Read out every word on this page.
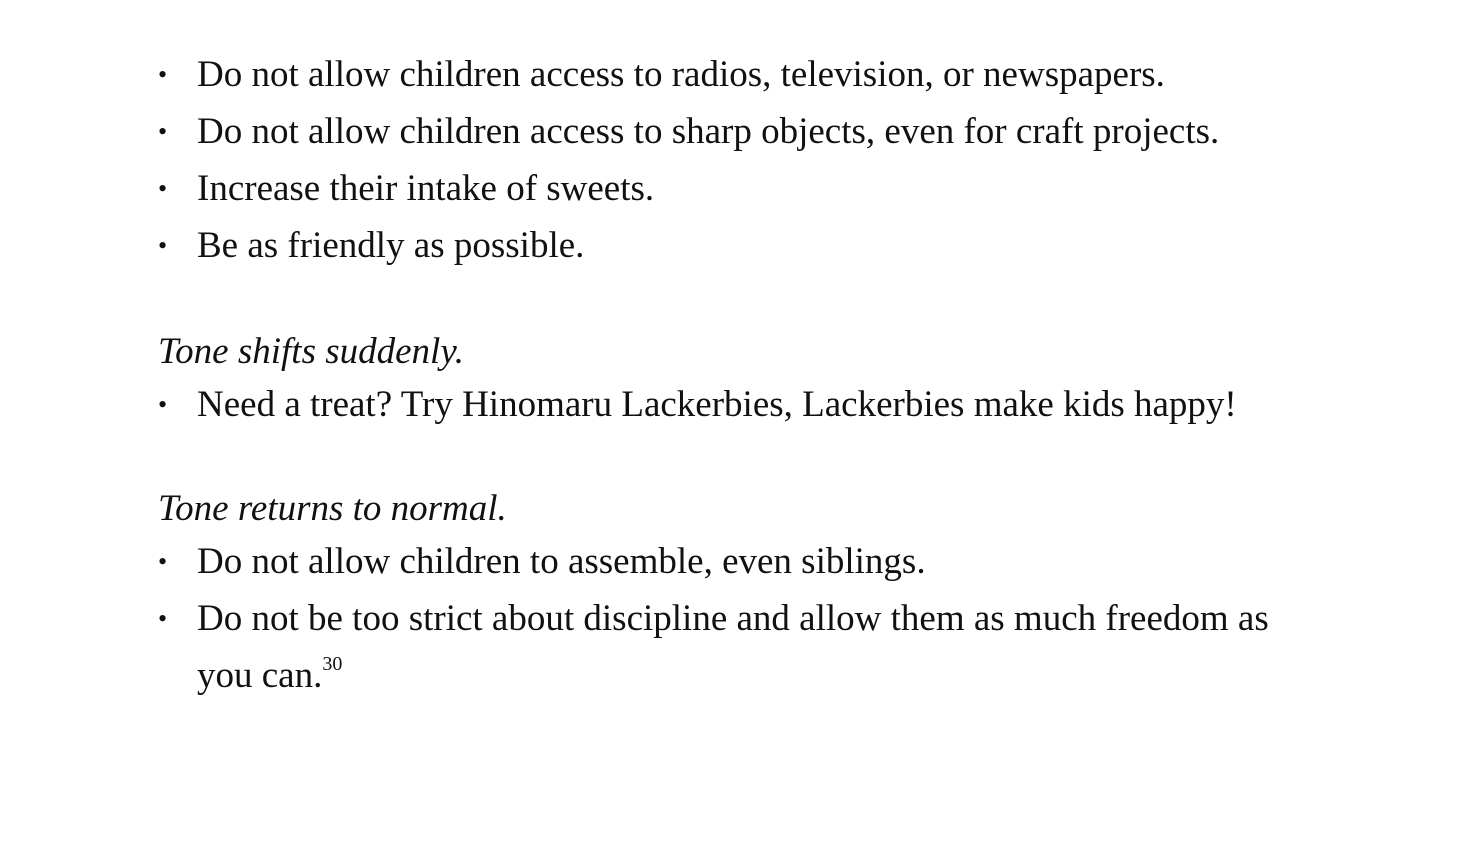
• Do not allow children access to radios, television, or newspapers.
• Do not allow children access to sharp objects, even for craft projects.
• Increase their intake of sweets.
• Be as friendly as possible.

Tone shifts suddenly.

• Need a treat? Try Hinomaru Lackerbies, Lackerbies make kids happy!

Tone returns to normal.

• Do not allow children to assemble, even siblings.
• Do not be too strict about discipline and allow them as much freedom as you can.$^{30}$
